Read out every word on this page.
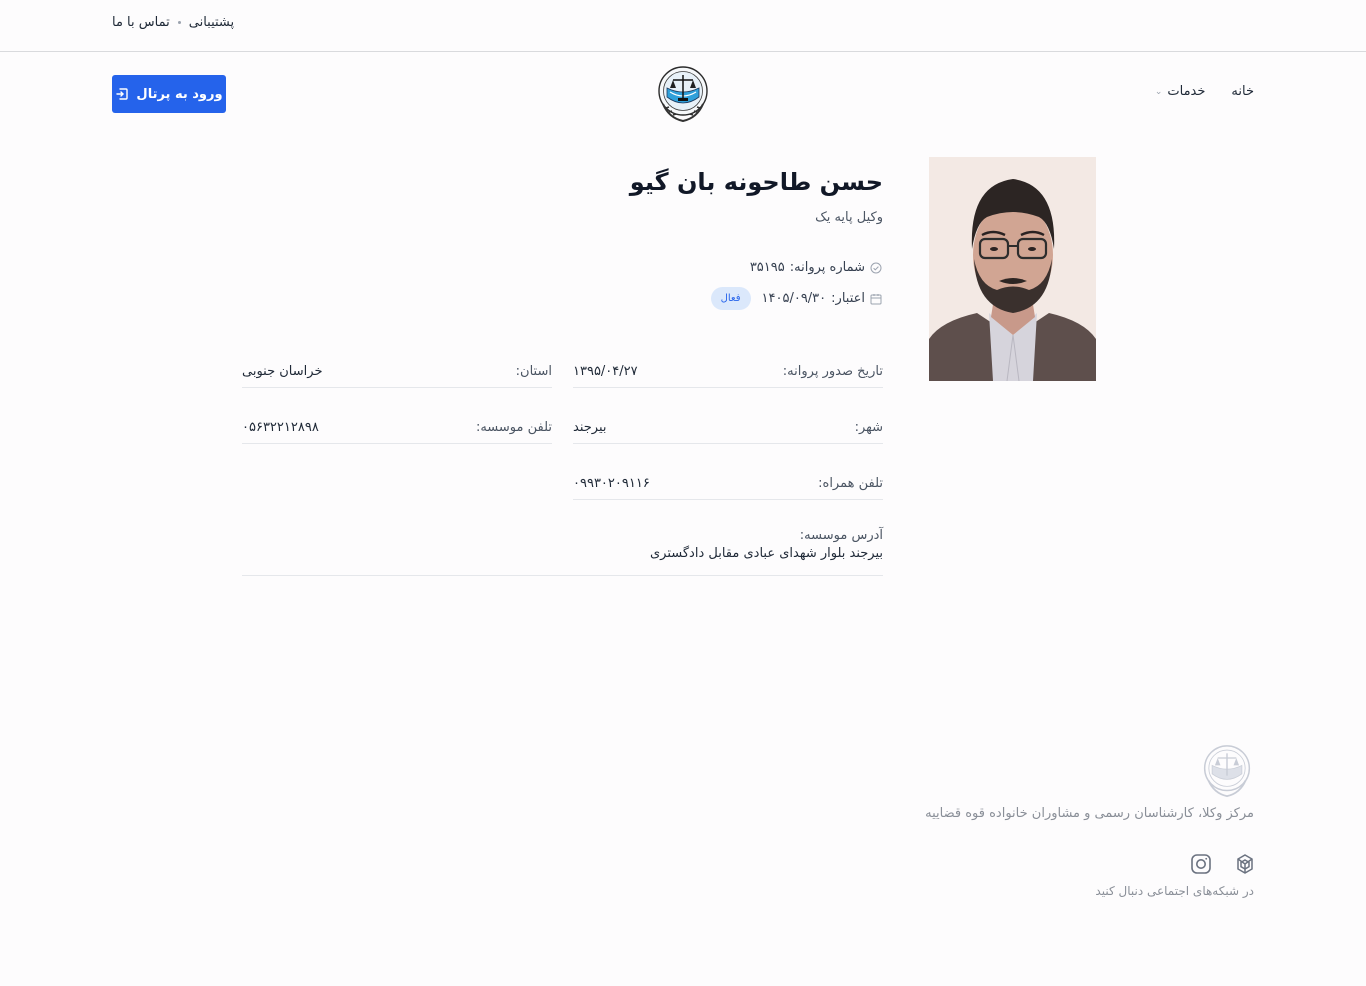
پشتیبانی
تماس با ما
ورود به پرتال	خانه
خدمات
⌄
حسن طاحونه بان گیو
وکیل پایه یک
شماره پروانه:
۳۵۱۹۵
اعتبار:
۱۴۰۵/۰۹/۳۰
فعال
تاریخ صدور پروانه:
۱۳۹۵/۰۴/۲۷
استان:
خراسان جنوبی
شهر:
بیرجند
تلفن موسسه:
۰۵۶۳۲۲۱۲۸۹۸
تلفن همراه:
۰۹۹۳۰۲۰۹۱۱۶
آدرس موسسه:
بیرجند بلوار شهدای عبادی مقابل دادگستری
مرکز وکلا، کارشناسان رسمی و مشاوران خانواده قوه قضاییه
در شبکه‌های اجتماعی دنبال کنید
